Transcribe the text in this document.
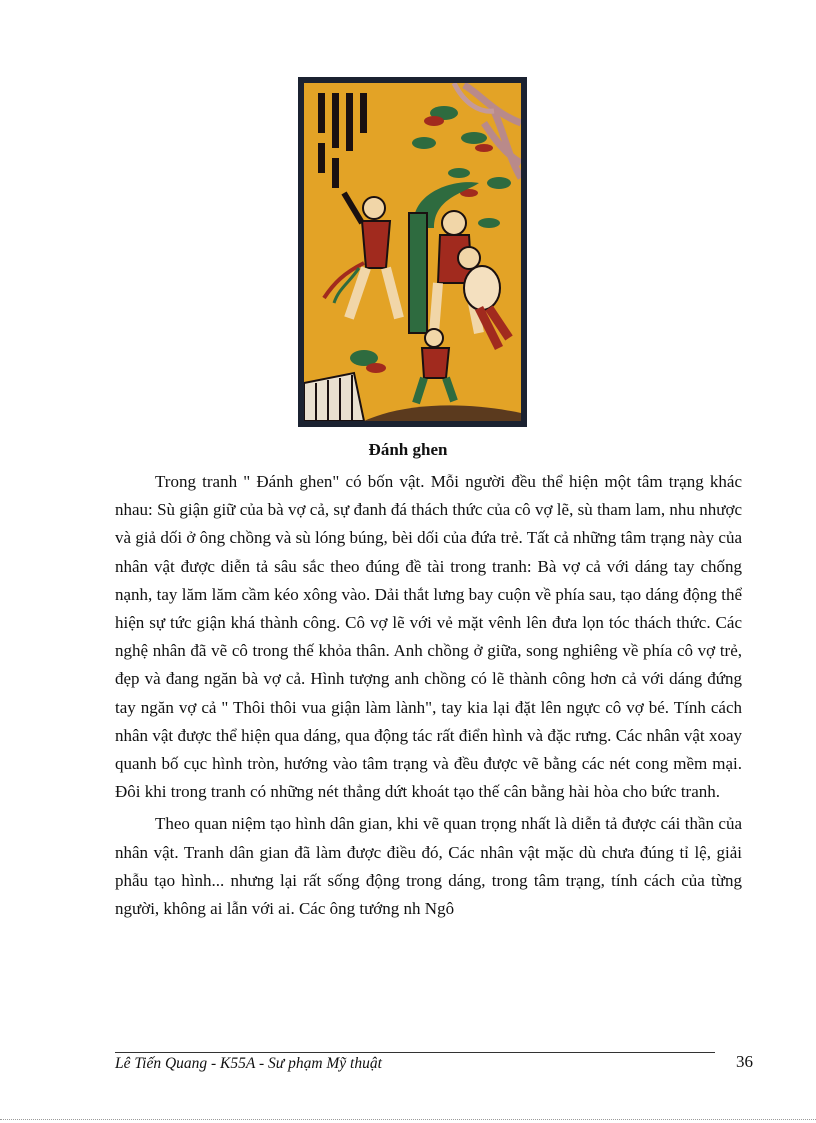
Đánh ghen

Trong tranh " Đánh ghen" có bốn vật. Mỗi người đều thể hiện một tâm trạng khác nhau: Sù giận giữ của bà vợ cả, sự đanh đá thách thức của cô vợ lẽ, sù tham lam, nhu nhược và giả dối ở ông chồng và sù lóng búng, bèi dối của đứa trẻ. Tất cả những tâm trạng này của nhân vật được diễn tả sâu sắc theo đúng đề tài trong tranh: Bà vợ cả với dáng tay chống nạnh, tay lăm lăm cầm kéo xông vào. Dải thắt lưng bay cuộn về phía sau, tạo dáng động thể hiện sự tức giận khá thành công. Cô vợ lẽ với vẻ mặt vênh lên đưa lọn tóc thách thức. Các nghệ nhân đã vẽ cô trong thế khỏa thân. Anh chồng ở giữa, song nghiêng về phía cô vợ trẻ, đẹp và đang ngăn bà vợ cả. Hình tượng anh chồng có lẽ thành công hơn cả với dáng đứng tay ngăn vợ cả " Thôi thôi vua giận làm lành", tay kia lại đặt lên ngực cô vợ bé. Tính cách nhân vật được thể hiện qua dáng, qua động tác rất điển hình và đặc rưng. Các nhân vật xoay quanh bố cục hình tròn, hướng vào tâm trạng và đều được vẽ bằng các nét cong mềm mại. Đôi khi trong tranh có những nét thẳng dứt khoát tạo thế cân bằng hài hòa cho bức tranh.

Theo quan niệm tạo hình dân gian, khi vẽ quan trọng nhất là diễn tả được cái thần của nhân vật. Tranh dân gian đã làm được điều đó, Các nhân vật mặc dù chưa đúng tỉ lệ, giải phẫu tạo hình... nhưng lại rất sống động trong dáng, trong tâm trạng, tính cách của từng người, không ai lẫn với ai. Các ông tướng nh Ngô

Lê Tiến Quang - K55A - Sư phạm Mỹ thuật	36
